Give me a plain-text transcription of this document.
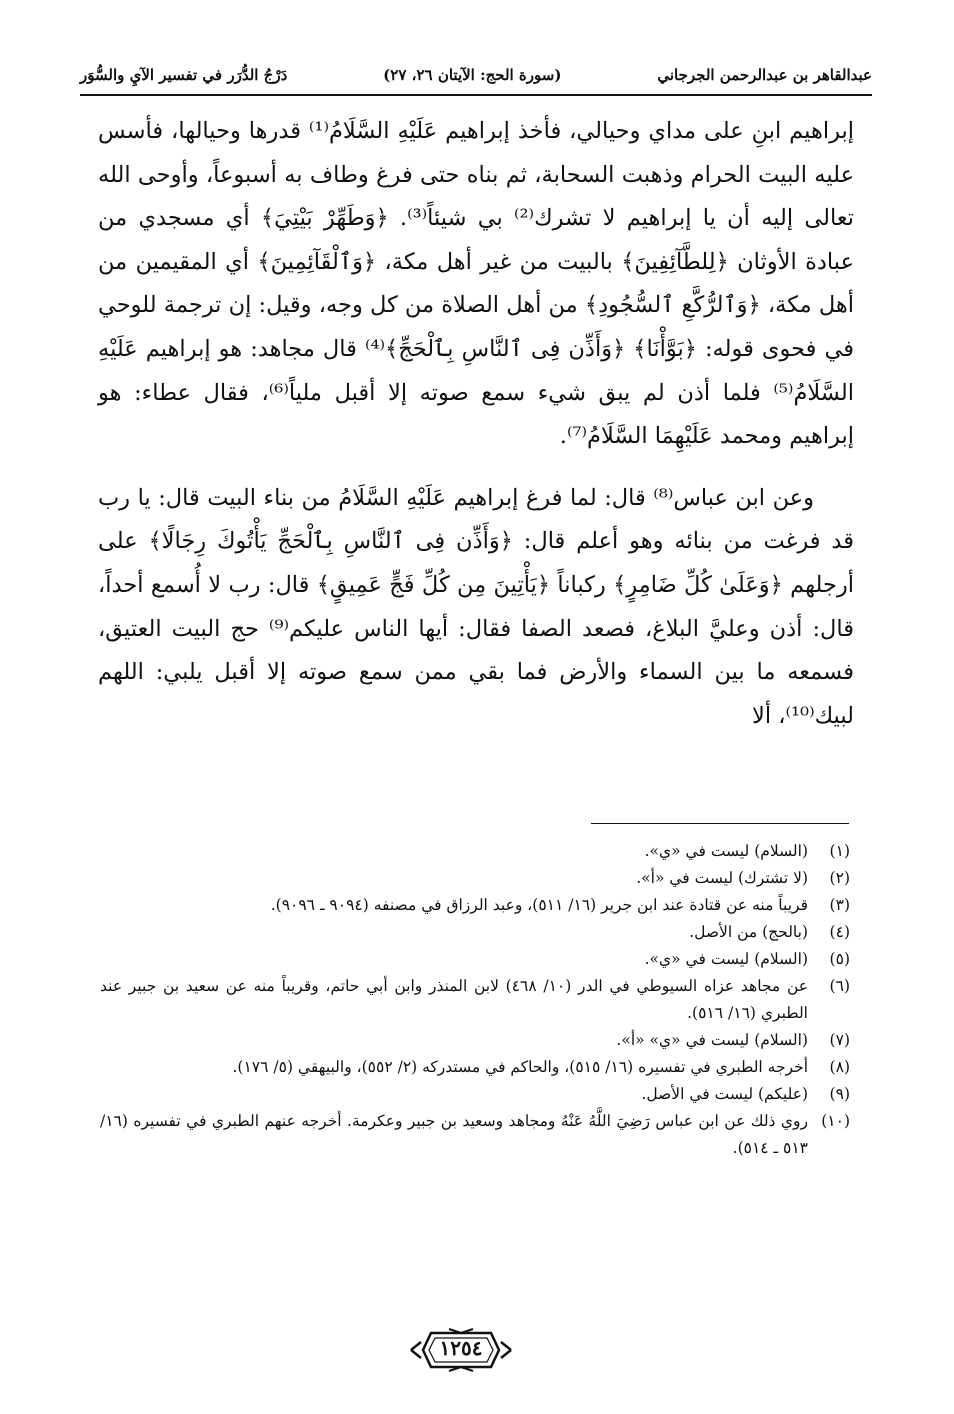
عبدالقاهر بن عبدالرحمن الجرجاني
(سورة الحج: الآيتان ٢٦، ٢٧)
دَرْجُ الدُّرَر في تفسير الآيِ والسُّوَر

إبراهيم ابنِ على مداي وحيالي، فأخذ إبراهيم عَلَيْهِ السَّلَامُ⁽¹⁾ قدرها وحيالها، فأسس عليه البيت الحرام وذهبت السحابة، ثم بناه حتى فرغ وطاف به أسبوعاً، وأوحى الله تعالى إليه أن يا إبراهيم لا تشرك⁽²⁾ بي شيئاً⁽³⁾. ﴿وَطَهِّرْ بَيْتِيَ﴾ أي مسجدي من عبادة الأوثان ﴿لِلطَّآئِفِينَ﴾ بالبيت من غير أهل مكة، ﴿وَٱلْقَآئِمِينَ﴾ أي المقيمين من أهل مكة، ﴿وَٱلرُّكَّعِ ٱلسُّجُودِ﴾ من أهل الصلاة من كل وجه، وقيل: إن ترجمة للوحي في فحوى قوله: ﴿بَوَّأْنَا﴾ ﴿وَأَذِّن فِى ٱلنَّاسِ بِٱلْحَجِّ﴾⁽⁴⁾ قال مجاهد: هو إبراهيم عَلَيْهِ السَّلَامُ⁽⁵⁾ فلما أذن لم يبق شيء سمع صوته إلا أقبل ملياً⁽⁶⁾، فقال عطاء: هو إبراهيم ومحمد عَلَيْهِمَا السَّلَامُ⁽⁷⁾.

وعن ابن عباس⁽⁸⁾ قال: لما فرغ إبراهيم عَلَيْهِ السَّلَامُ من بناء البيت قال: يا رب قد فرغت من بنائه وهو أعلم قال: ﴿وَأَذِّن فِى ٱلنَّاسِ بِٱلْحَجِّ يَأْتُوكَ رِجَالًا﴾ على أرجلهم ﴿وَعَلَىٰ كُلِّ ضَامِرٍ﴾ ركباناً ﴿يَأْتِينَ مِن كُلِّ فَجٍّ عَمِيقٍ﴾ قال: رب لا أُسمع أحداً، قال: أذن وعليَّ البلاغ، فصعد الصفا فقال: أيها الناس عليكم⁽⁹⁾ حج البيت العتيق، فسمعه ما بين السماء والأرض فما بقي ممن سمع صوته إلا أقبل يلبي: اللهم لبيك⁽¹⁰⁾، ألا

(١)
(السلام) ليست في «ي».
(٢)
(لا تشترك) ليست في «أ».
(٣)
قريباً منه عن قتادة عند ابن جرير (١٦/ ٥١١)، وعبد الرزاق في مصنفه (٩٠٩٤ ـ ٩٠٩٦).
(٤)
(بالحج) من الأصل.
(٥)
(السلام) ليست في «ي».
(٦)
عن مجاهد عزاه السيوطي في الدر (١٠/ ٤٦٨) لابن المنذر وابن أبي حاتم، وقريباً منه عن سعيد بن جبير عند الطبري (١٦/ ٥١٦).
(٧)
(السلام) ليست في «ي» «أ».
(٨)
أخرجه الطبري في تفسيره (١٦/ ٥١٥)، والحاكم في مستدركه (٢/ ٥٥٢)، والبيهقي (٥/ ١٧٦).
(٩)
(عليكم) ليست في الأصل.
(١٠)
روي ذلك عن ابن عباس رَضِيَ اللَّهُ عَنْهُ ومجاهد وسعيد بن جبير وعكرمة. أخرجه عنهم الطبري في تفسيره (١٦/ ٥١٣ ـ ٥١٤).
١٢٥٤
